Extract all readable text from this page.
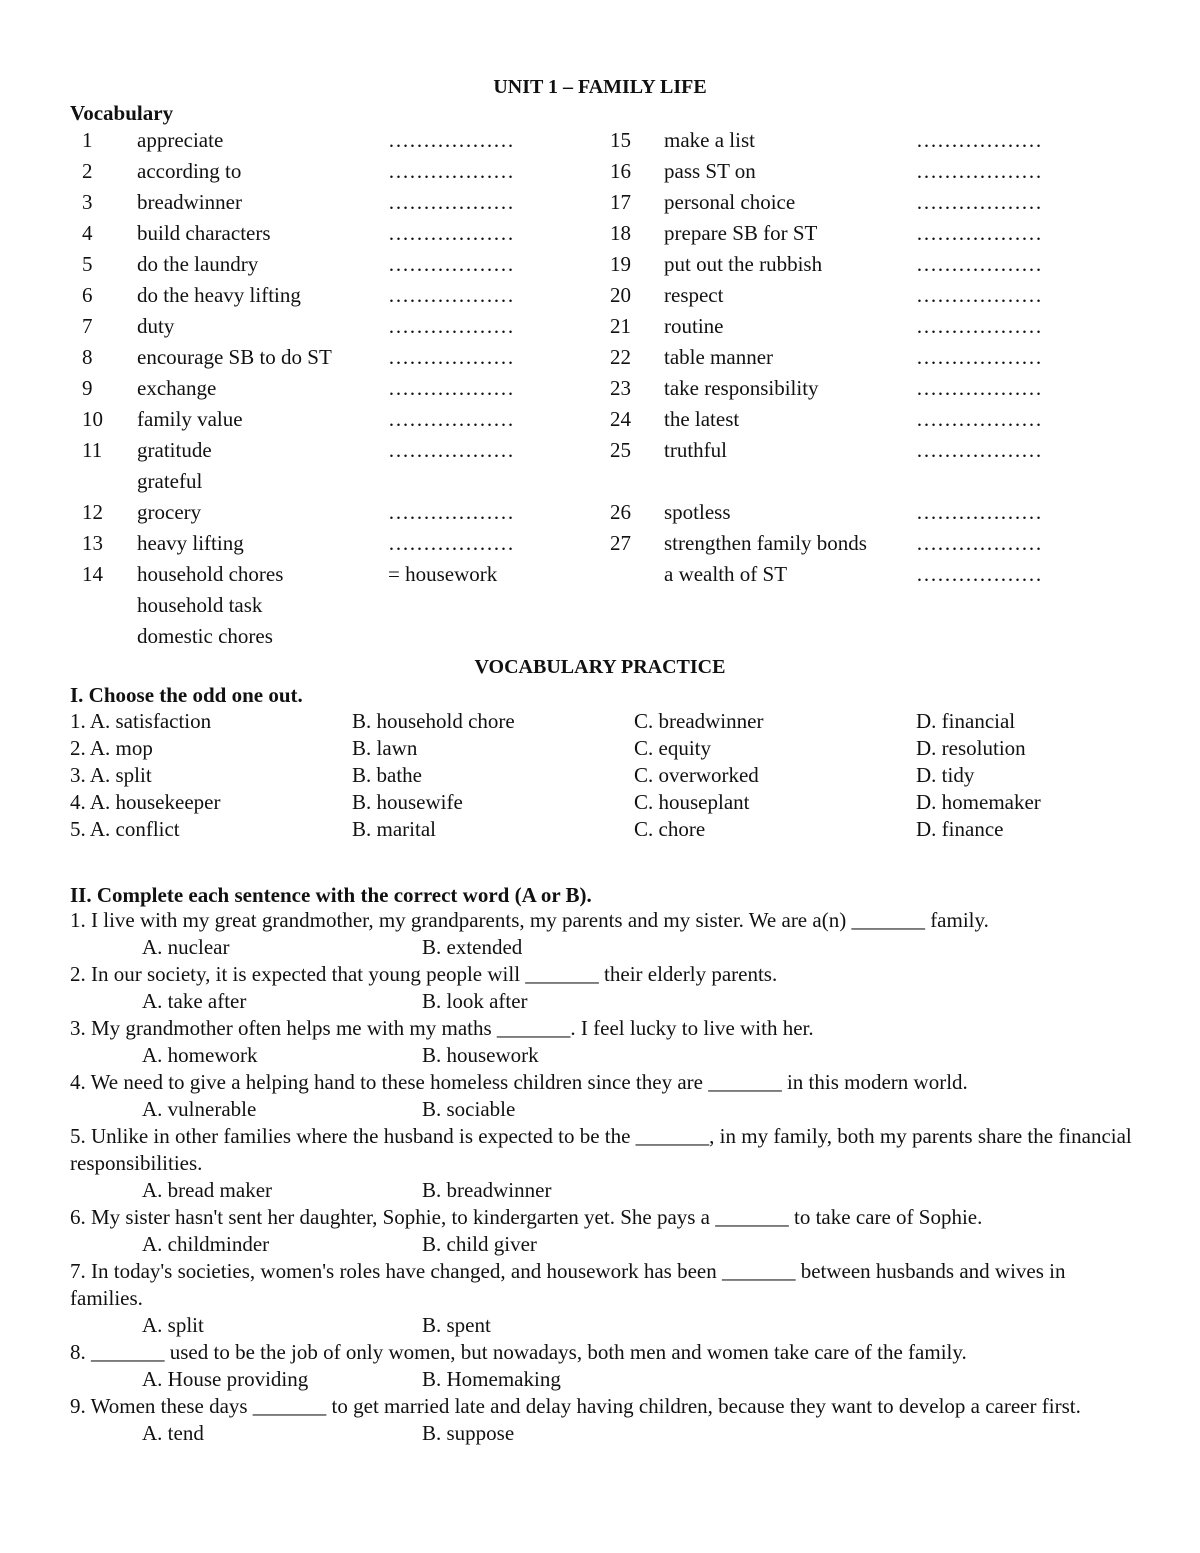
UNIT 1 – FAMILY LIFE
Vocabulary
1 appreciate	………………	15 make a list	………………
2 according to	………………	16 pass ST on	………………
3 breadwinner	………………	17 personal choice	………………
4 build characters	………………	18 prepare SB for ST	………………
5 do the laundry	………………	19 put out the rubbish	………………
6 do the heavy lifting	………………	20 respect	………………
7 duty	………………	21 routine	………………
8 encourage SB to do ST	………………	22 table manner	………………
9 exchange	………………	23 take responsibility	………………
10 family value	………………	24 the latest	………………
11 gratitude	………………	25 truthful	………………
grateful
12 grocery	………………	26 spotless	………………
13 heavy lifting	………………	27 strengthen family bonds ………………
14 household chores	= housework	a wealth of ST	………………
household task
domestic chores
VOCABULARY PRACTICE
I. Choose the odd one out.
1. A. satisfaction	B. household chore	C. breadwinner	D. financial
2. A. mop	B. lawn	C. equity	D. resolution
3. A. split	B. bathe	C. overworked	D. tidy
4. A. housekeeper	B. housewife	C. houseplant	D. homemaker
5. A. conflict	B. marital	C. chore	D. finance
II. Complete each sentence with the correct word (A or B).
1. I live with my great grandmother, my grandparents, my parents and my sister. We are a(n) _______ family.
A. nuclear	B. extended
2. In our society, it is expected that young people will _______ their elderly parents.
A. take after	B. look after
3. My grandmother often helps me with my maths _______. I feel lucky to live with her.
A. homework	B. housework
4. We need to give a helping hand to these homeless children since they are _______ in this modern world.
A. vulnerable	B. sociable
5. Unlike in other families where the husband is expected to be the _______, in my family, both my parents share the financial responsibilities.
A. bread maker	B. breadwinner
6. My sister hasn't sent her daughter, Sophie, to kindergarten yet. She pays a _______ to take care of Sophie.
A. childminder	B. child giver
7. In today's societies, women's roles have changed, and housework has been _______ between husbands and wives in families.
A. split	B. spent
8. _______ used to be the job of only women, but nowadays, both men and women take care of the family.
A. House providing	B. Homemaking
9. Women these days _______ to get married late and delay having children, because they want to develop a career first.
A. tend	B. suppose
